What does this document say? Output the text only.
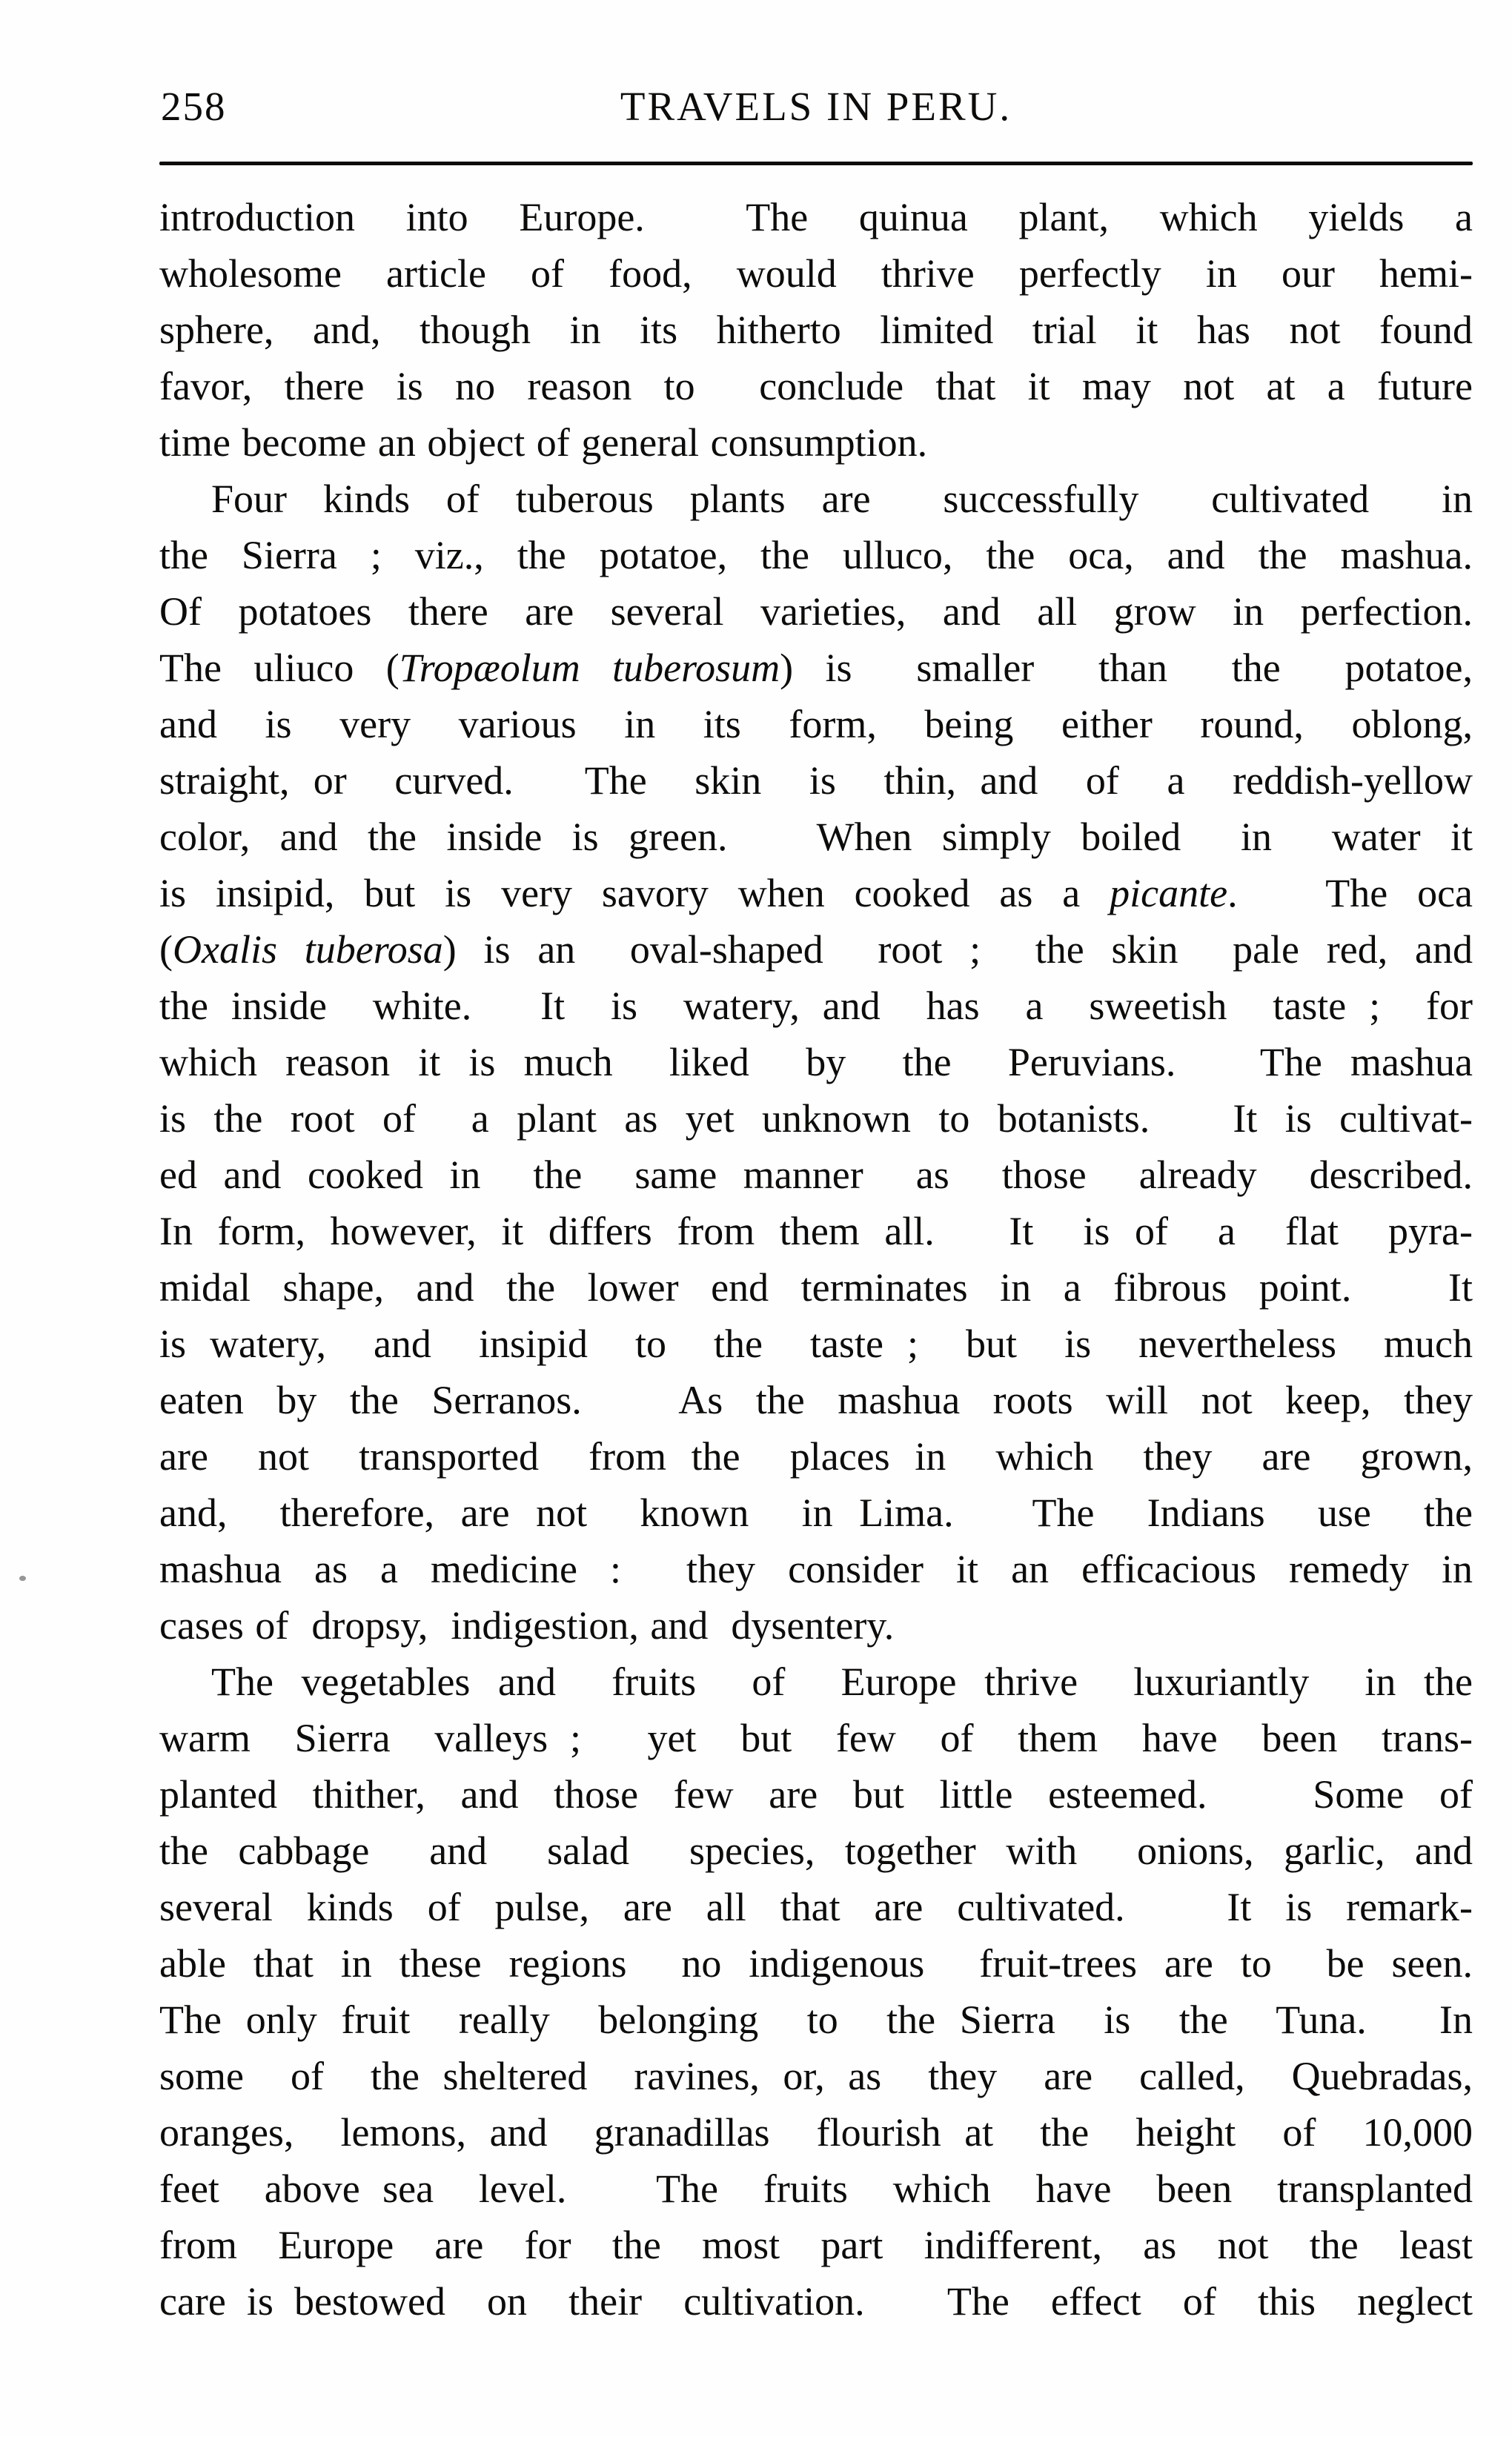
258	TRAVELS IN PERU.
introduction into Europe.  The quinua plant, which yields a
wholesome article of food, would thrive perfectly in our hemi-
sphere, and, though in its hitherto limited trial it has not found
favor, there is no reason to  conclude that it may not at a future
time become an object of general consumption.
Four kinds of tuberous plants are  successfully  cultivated  in
the Sierra ; viz., the potatoe, the ulluco, the oca, and the mashua.
Of potatoes there are several varieties, and all grow in perfection.
The uliuco (Tropæolum tuberosum) is  smaller  than  the  potatoe,
and  is  very  various  in  its  form,  being  either  round,  oblong,
straight, or  curved.   The  skin  is  thin, and  of  a  reddish-yellow
color, and the inside is green.   When simply boiled  in  water it
is insipid, but is very savory when cooked as a picante.   The oca
(Oxalis tuberosa) is an  oval-shaped  root ;  the skin  pale red, and
the inside  white.   It  is  watery, and  has  a  sweetish  taste ;  for
which reason it is much  liked  by  the  Peruvians.   The mashua
is the root of  a plant as yet unknown to botanists.   It is cultivat-
ed and cooked in  the  same manner  as  those  already  described.
In form, however, it differs from them all.   It  is of  a  flat  pyra-
midal shape, and the lower end terminates in a fibrous point.   It
is watery,  and  insipid  to  the  taste ;  but  is  nevertheless  much
eaten by the Serranos.   As the mashua roots will not keep, they
are  not  transported  from the  places in  which  they  are  grown,
and,  therefore, are not  known  in Lima.   The  Indians  use  the
mashua as a medicine :  they consider it an efficacious remedy in
cases of  dropsy,  indigestion, and  dysentery.
The vegetables and  fruits  of  Europe thrive  luxuriantly  in the
warm  Sierra  valleys ;   yet  but  few  of  them  have  been  trans-
planted thither, and those few are but little esteemed.   Some of
the cabbage  and  salad  species, together with  onions, garlic, and
several kinds of pulse, are all that are cultivated.   It is remark-
able that in these regions  no indigenous  fruit-trees are to  be seen.
The only fruit  really  belonging  to  the Sierra  is  the  Tuna.   In
some  of  the sheltered  ravines, or, as  they  are  called,  Quebradas,
oranges,  lemons, and  granadillas  flourish at  the  height  of  10,000
feet  above sea  level.    The  fruits  which  have  been  transplanted
from  Europe  are  for  the  most  part  indifferent,  as  not  the  least
care is bestowed  on  their  cultivation.    The  effect  of  this  neglect
